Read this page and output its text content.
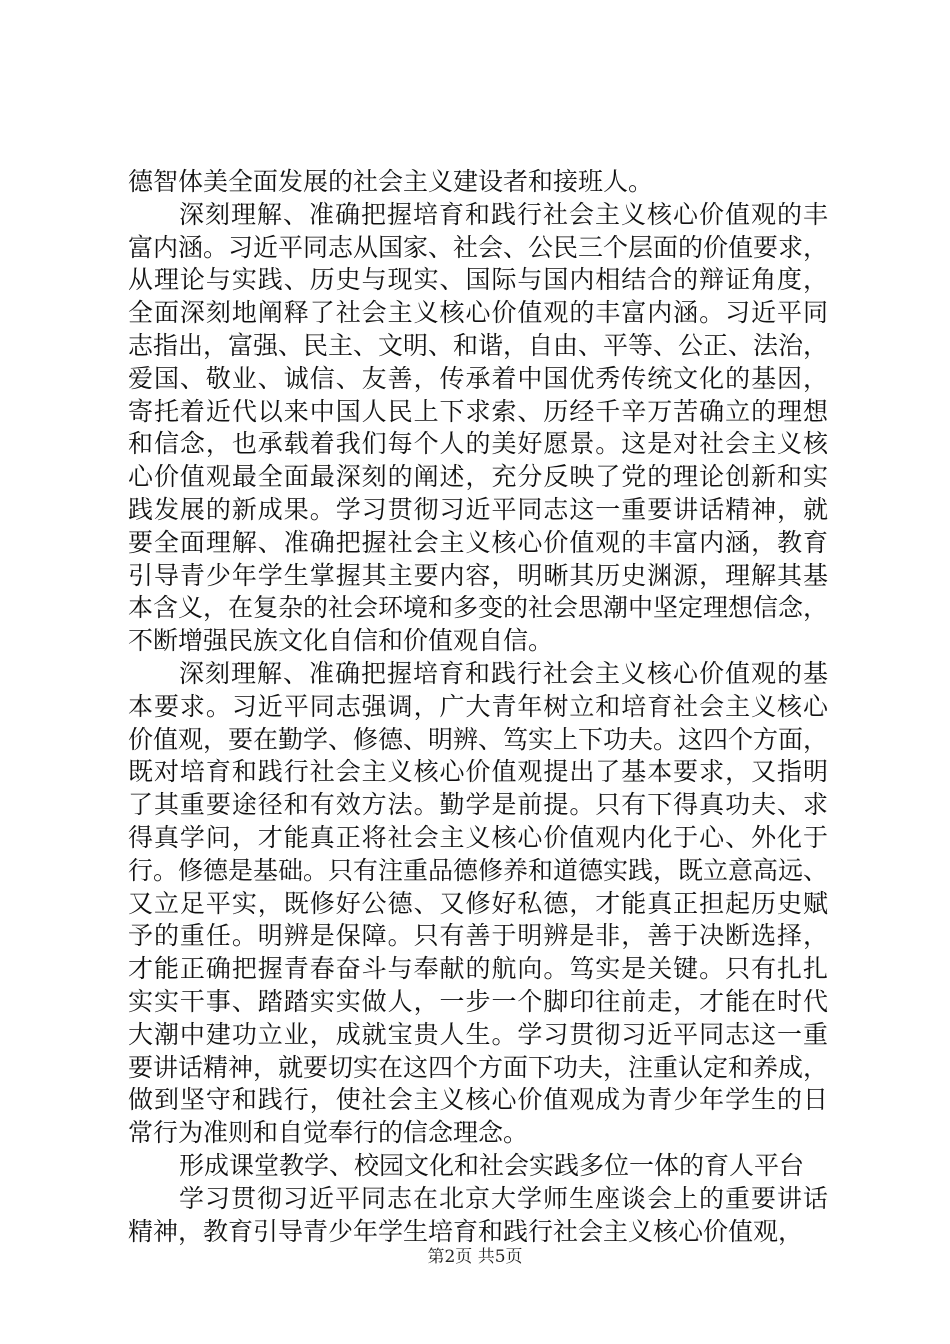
德智体美全面发展的社会主义建设者和接班人。
深刻理解、准确把握培育和践行社会主义核心价值观的丰
富内涵。习近平同志从国家、社会、公民三个层面的价值要求，
从理论与实践、历史与现实、国际与国内相结合的辩证角度，
全面深刻地阐释了社会主义核心价值观的丰富内涵。习近平同
志指出，富强、民主、文明、和谐，自由、平等、公正、法治，
爱国、敬业、诚信、友善，传承着中国优秀传统文化的基因，
寄托着近代以来中国人民上下求索、历经千辛万苦确立的理想
和信念，也承载着我们每个人的美好愿景。这是对社会主义核
心价值观最全面最深刻的阐述，充分反映了党的理论创新和实
践发展的新成果。学习贯彻习近平同志这一重要讲话精神，就
要全面理解、准确把握社会主义核心价值观的丰富内涵，教育
引导青少年学生掌握其主要内容，明晰其历史渊源，理解其基
本含义，在复杂的社会环境和多变的社会思潮中坚定理想信念，
不断增强民族文化自信和价值观自信。
深刻理解、准确把握培育和践行社会主义核心价值观的基
本要求。习近平同志强调，广大青年树立和培育社会主义核心
价值观，要在勤学、修德、明辨、笃实上下功夫。这四个方面，
既对培育和践行社会主义核心价值观提出了基本要求，又指明
了其重要途径和有效方法。勤学是前提。只有下得真功夫、求
得真学问，才能真正将社会主义核心价值观内化于心、外化于
行。修德是基础。只有注重品德修养和道德实践，既立意高远、
又立足平实，既修好公德、又修好私德，才能真正担起历史赋
予的重任。明辨是保障。只有善于明辨是非，善于决断选择，
才能正确把握青春奋斗与奉献的航向。笃实是关键。只有扎扎
实实干事、踏踏实实做人，一步一个脚印往前走，才能在时代
大潮中建功立业，成就宝贵人生。学习贯彻习近平同志这一重
要讲话精神，就要切实在这四个方面下功夫，注重认定和养成，
做到坚守和践行，使社会主义核心价值观成为青少年学生的日
常行为准则和自觉奉行的信念理念。
形成课堂教学、校园文化和社会实践多位一体的育人平台
学习贯彻习近平同志在北京大学师生座谈会上的重要讲话
精神，教育引导青少年学生培育和践行社会主义核心价值观，
第2页 共5页
